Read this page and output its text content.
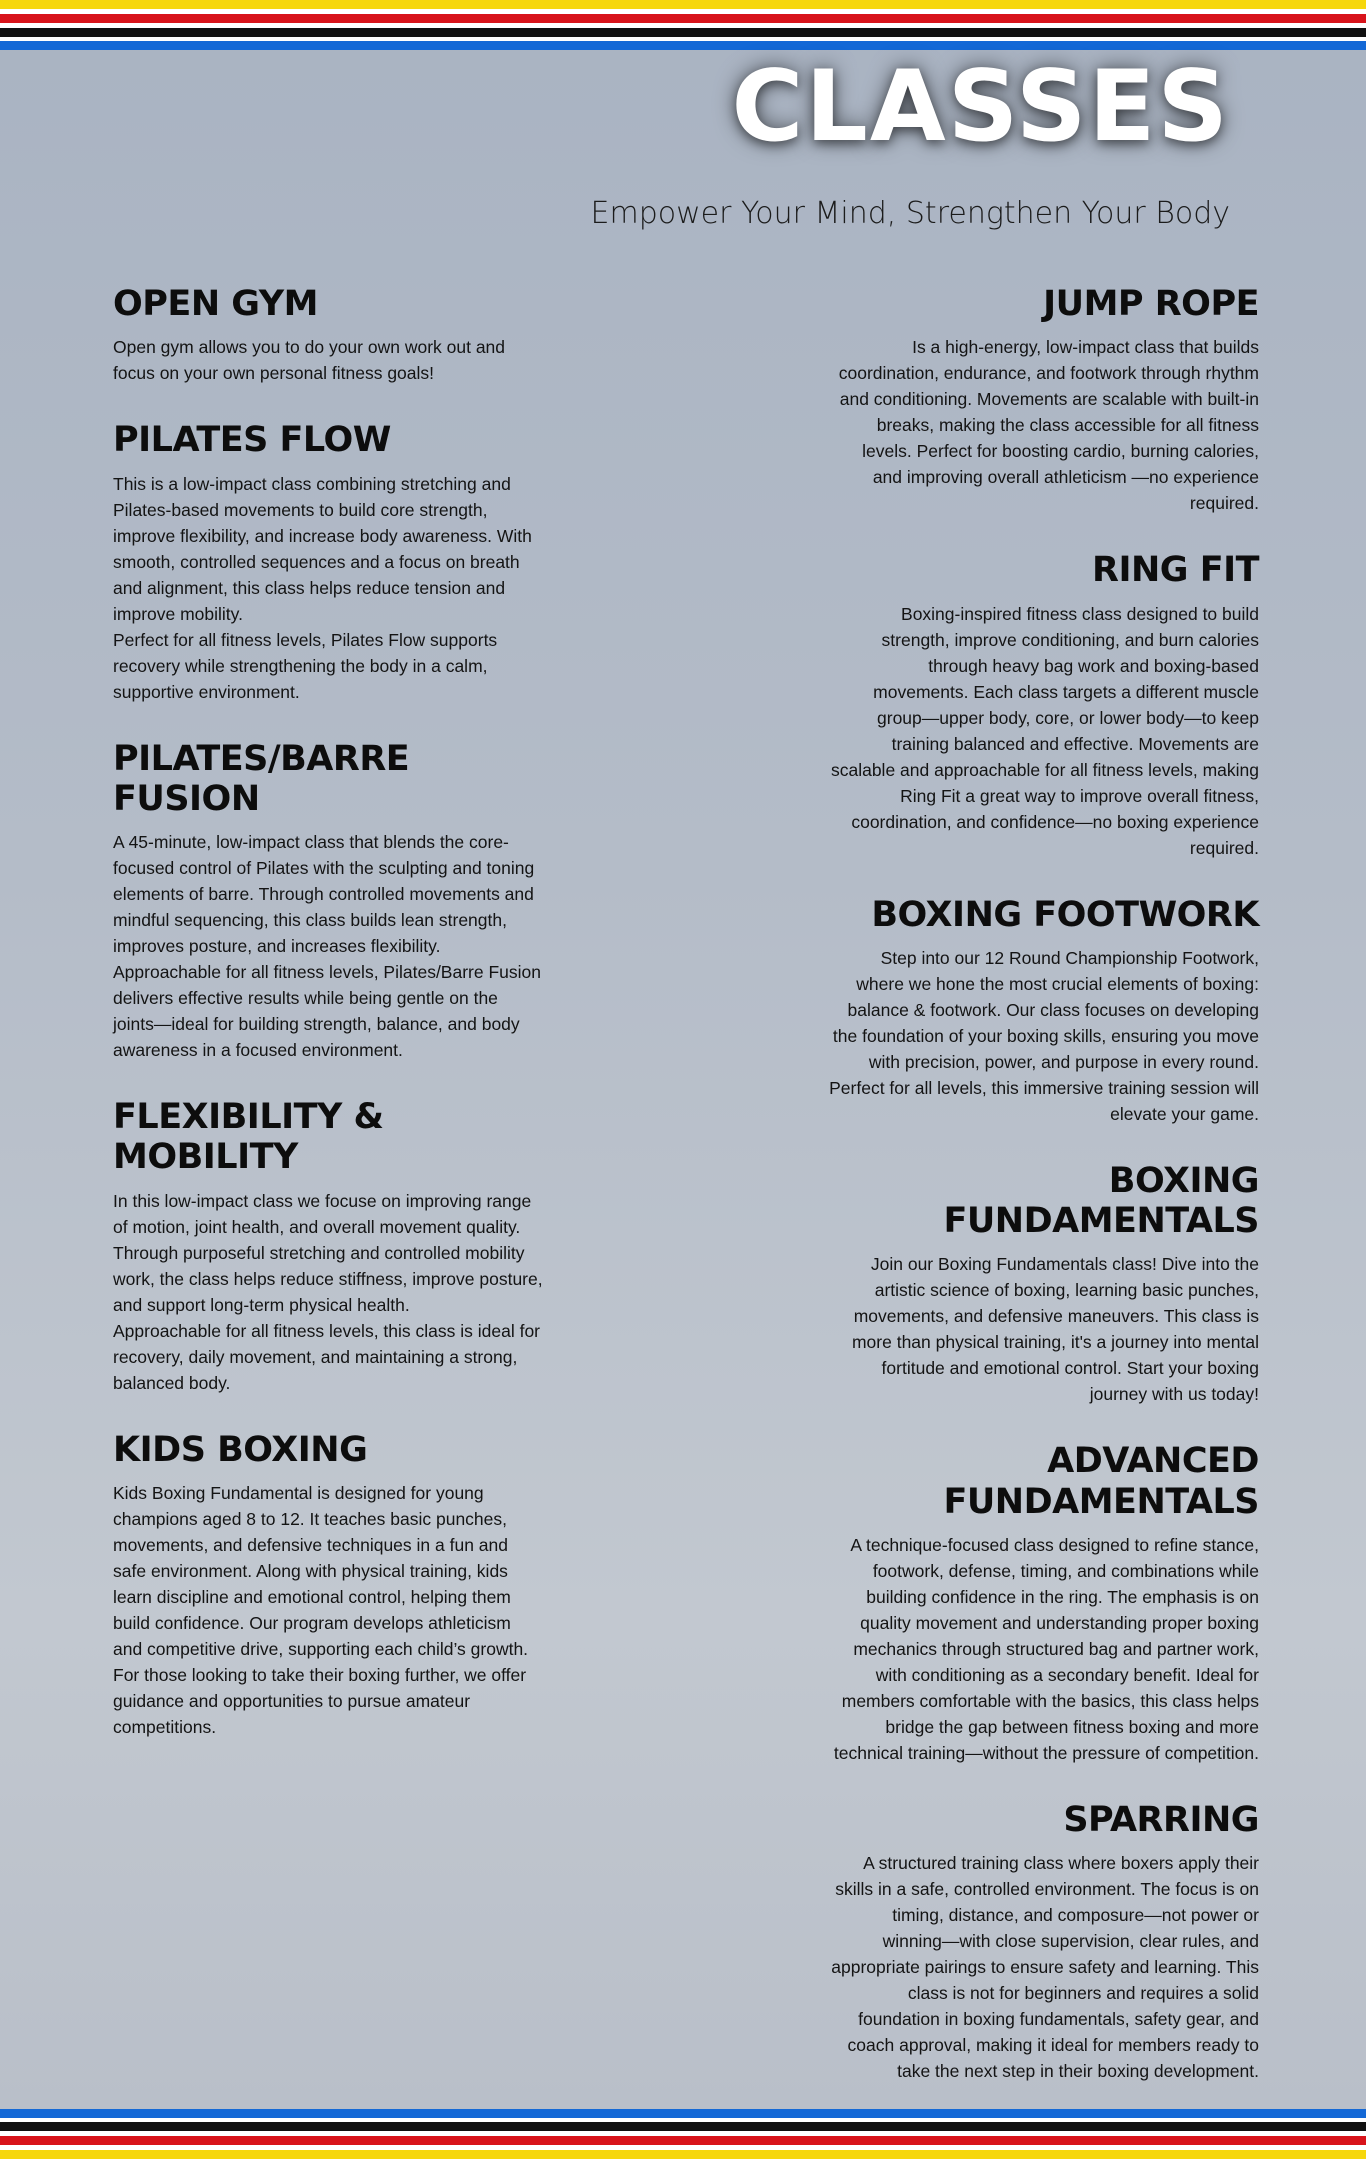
CLASSES

Empower Your Mind, Strengthen Your Body

OPEN GYM

Open gym allows you to do your own work out and focus on your own personal fitness goals!

PILATES FLOW

This is a low-impact class combining stretching and Pilates-based movements to build core strength, improve flexibility, and increase body awareness. With smooth, controlled sequences and a focus on breath and alignment, this class helps reduce tension and improve mobility.

Perfect for all fitness levels, Pilates Flow supports recovery while strengthening the body in a calm, supportive environment.

PILATES/BARRE FUSION

A 45-minute, low-impact class that blends the core-focused control of Pilates with the sculpting and toning elements of barre. Through controlled movements and mindful sequencing, this class builds lean strength, improves posture, and increases flexibility.

Approachable for all fitness levels, Pilates/Barre Fusion delivers effective results while being gentle on the joints—ideal for building strength, balance, and body awareness in a focused environment.

FLEXIBILITY & MOBILITY

In this low-impact class we focuse on improving range of motion, joint health, and overall movement quality. Through purposeful stretching and controlled mobility work, the class helps reduce stiffness, improve posture, and support long-term physical health.

Approachable for all fitness levels, this class is ideal for recovery, daily movement, and maintaining a strong, balanced body.

KIDS BOXING

Kids Boxing Fundamental is designed for young champions aged 8 to 12. It teaches basic punches, movements, and defensive techniques in a fun and safe environment. Along with physical training, kids learn discipline and emotional control, helping them build confidence. Our program develops athleticism and competitive drive, supporting each child’s growth. For those looking to take their boxing further, we offer guidance and opportunities to pursue amateur competitions.

JUMP ROPE

Is a high-energy, low-impact class that builds coordination, endurance, and footwork through rhythm and conditioning. Movements are scalable with built-in breaks, making the class accessible for all fitness levels. Perfect for boosting cardio, burning calories, and improving overall athleticism —no experience required.

RING FIT

Boxing-inspired fitness class designed to build strength, improve conditioning, and burn calories through heavy bag work and boxing-based movements. Each class targets a different muscle group—upper body, core, or lower body—to keep training balanced and effective. Movements are scalable and approachable for all fitness levels, making Ring Fit a great way to improve overall fitness, coordination, and confidence—no boxing experience required.

BOXING FOOTWORK

Step into our 12 Round Championship Footwork, where we hone the most crucial elements of boxing: balance & footwork. Our class focuses on developing the foundation of your boxing skills, ensuring you move with precision, power, and purpose in every round. Perfect for all levels, this immersive training session will elevate your game.

BOXING FUNDAMENTALS

Join our Boxing Fundamentals class! Dive into the artistic science of boxing, learning basic punches, movements, and defensive maneuvers. This class is more than physical training, it's a journey into mental fortitude and emotional control. Start your boxing journey with us today!

ADVANCED FUNDAMENTALS

A technique-focused class designed to refine stance, footwork, defense, timing, and combinations while building confidence in the ring. The emphasis is on quality movement and understanding proper boxing mechanics through structured bag and partner work, with conditioning as a secondary benefit. Ideal for members comfortable with the basics, this class helps bridge the gap between fitness boxing and more technical training—without the pressure of competition.

SPARRING

A structured training class where boxers apply their skills in a safe, controlled environment. The focus is on timing, distance, and composure—not power or winning—with close supervision, clear rules, and appropriate pairings to ensure safety and learning. This class is not for beginners and requires a solid foundation in boxing fundamentals, safety gear, and coach approval, making it ideal for members ready to take the next step in their boxing development.
